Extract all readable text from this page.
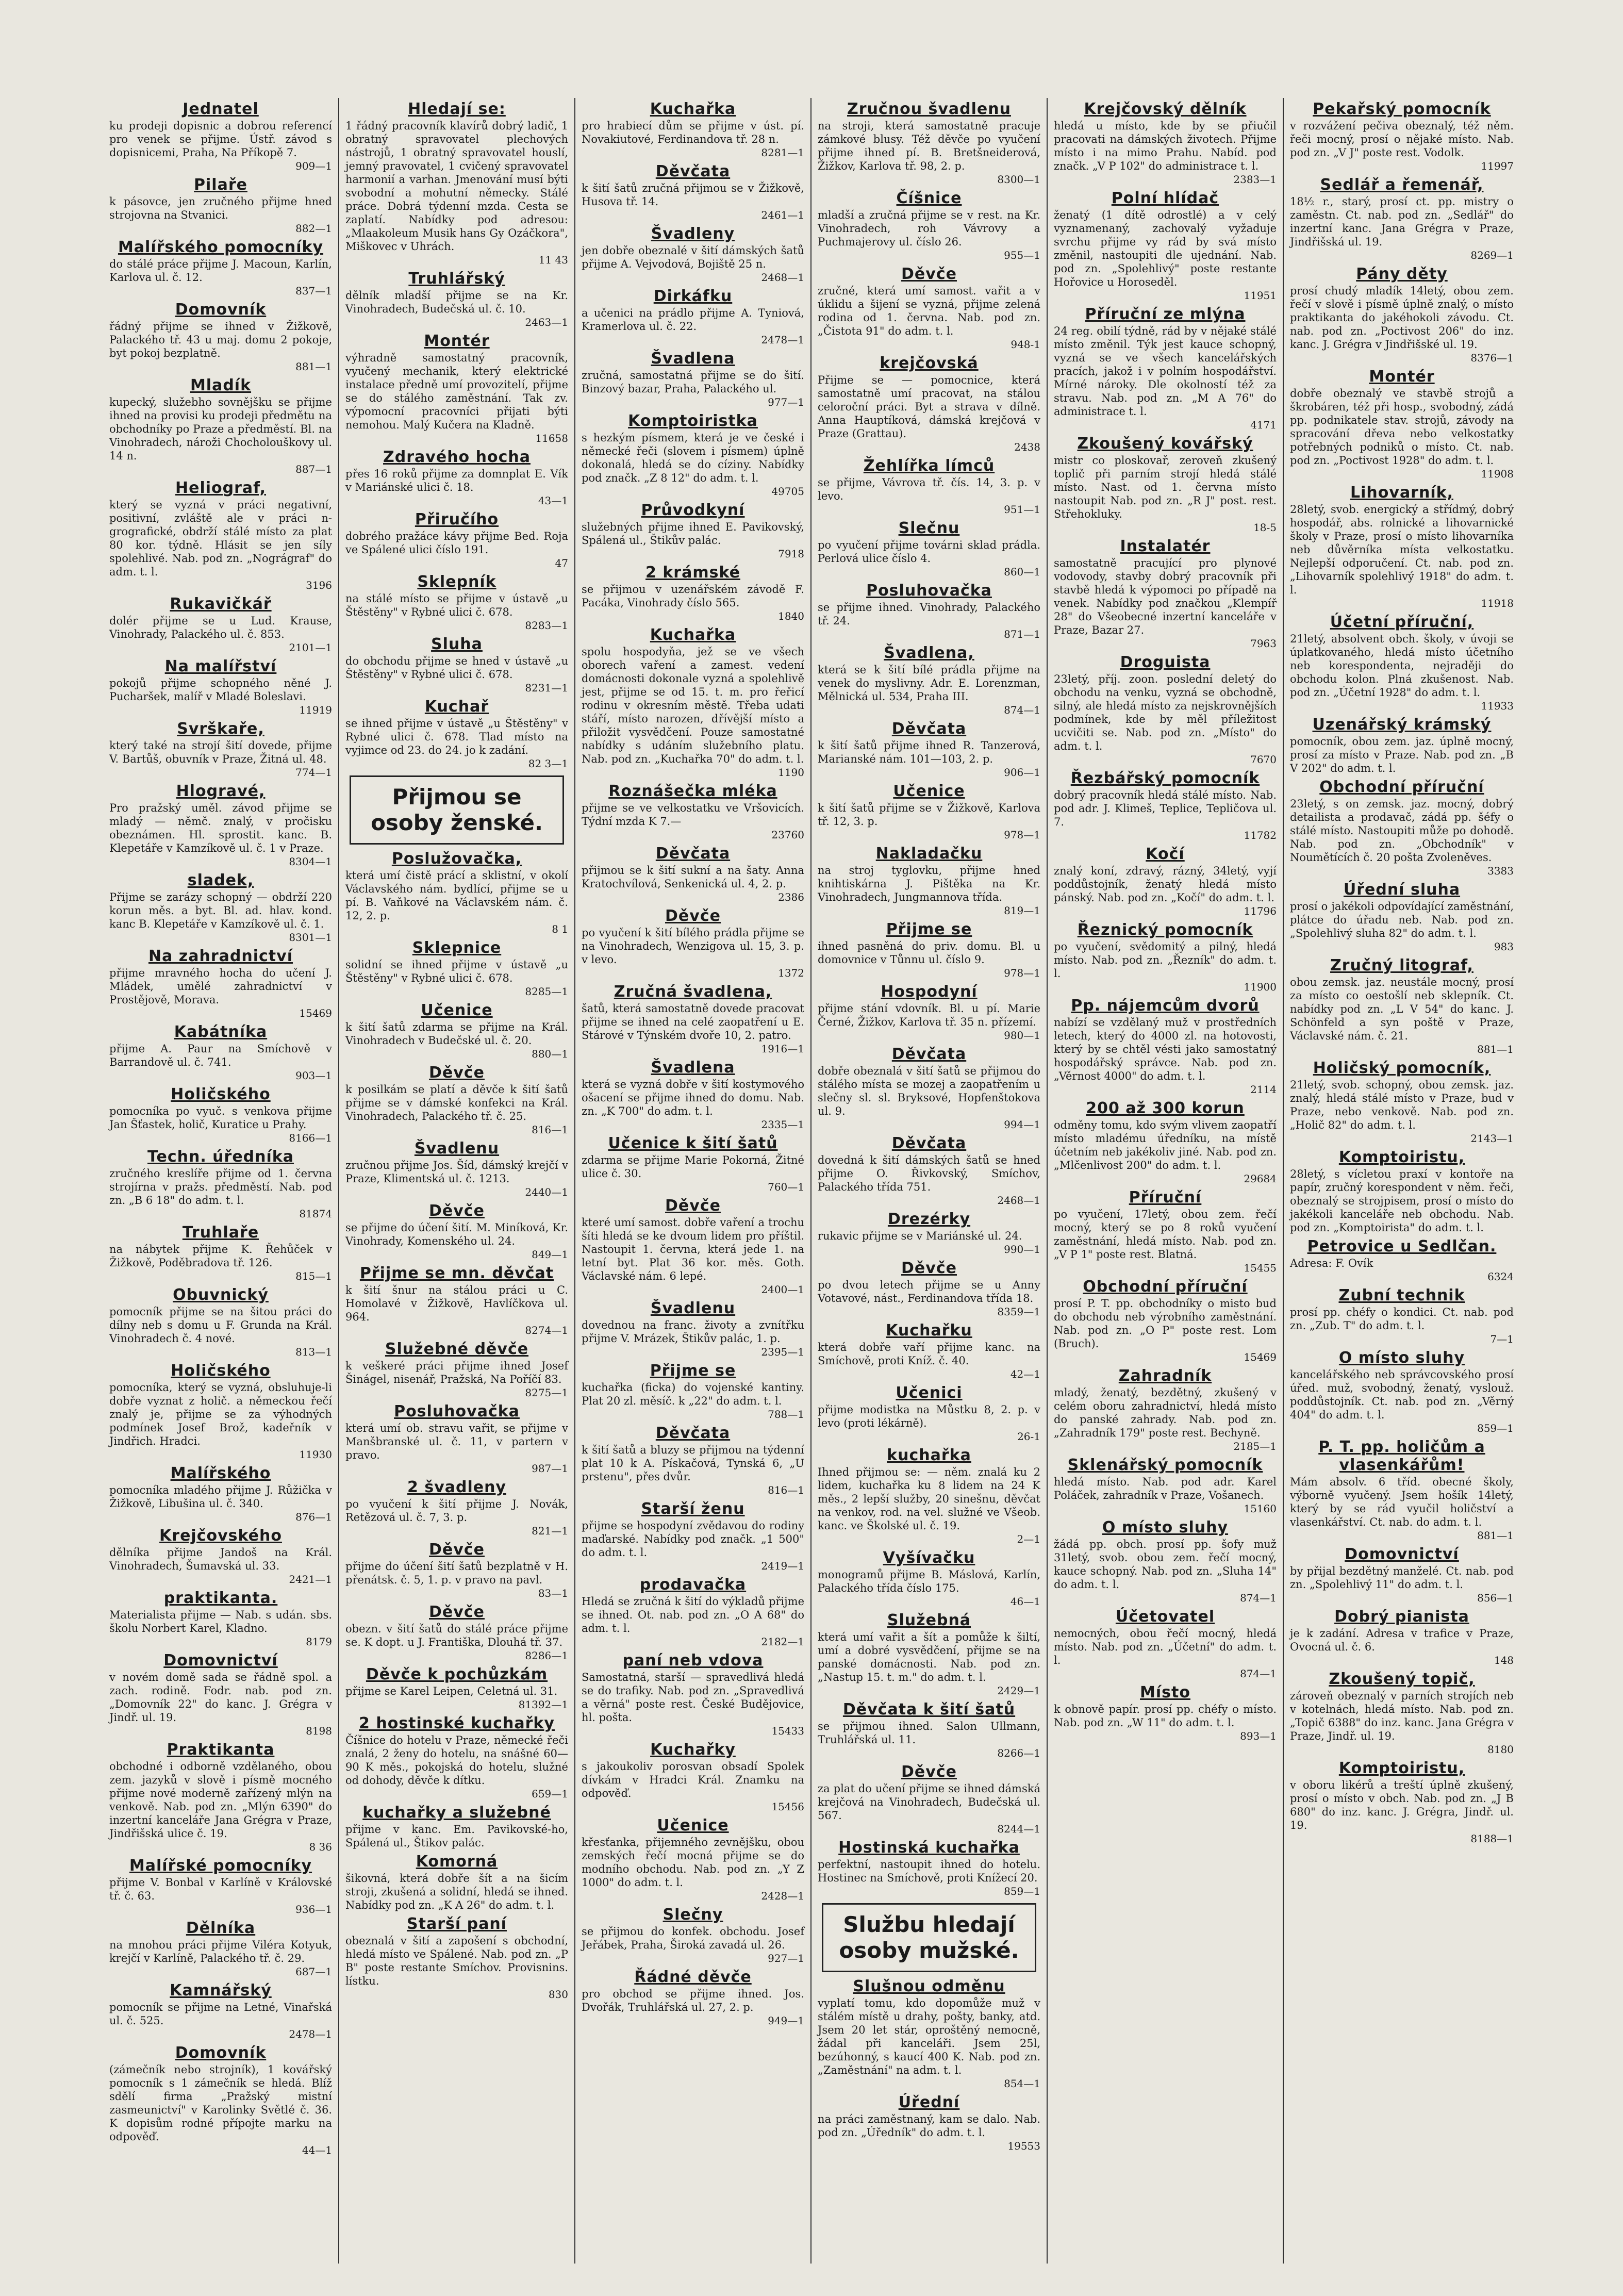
Jednatel

ku prodeji dopisnic a dobrou referencí pro venek se přijme. Ústř. závod s dopisnicemi, Praha, Na Příkopě 7.
909—1

Pilaře

k pásovce, jen zručného přijme hned strojovna na Stvanici.
882—1

Malířského pomocníky

do stálé práce přijme J. Macoun, Karlín, Karlova ul. č. 12.
837—1

Domovník

řádný přijme se ihned v Žižkově, Palackého tř. 43 u maj. domu 2 pokoje, byt pokoj bezplatně.
881—1

Mladík

kupecký, služebho sovnějšku se přijme ihned na provisi ku prodeji předmětu na obchodníky po Praze a předměstí. Bl. na Vinohradech, nároži Chocholouškovy ul. 14 n.
887—1

Heliograf,

který se vyzná v práci negativní, positivní, zvláště ale v práci n-grografické, obdrží stálé místo za plat 80 kor. týdně. Hlásit se jen síly spolehlivé. Nab. pod zn. „Nográgraf" do adm. t. l.
3196

Rukavičkář

dolér přijme se u Lud. Krause, Vinohrady, Palackého ul. č. 853.
2101—1

Na malířství

pokojů přijme schopného něné J. Pucharšek, malíř v Mladé Boleslavi.
11919

Svrškaře,

který také na strojí šití dovede, přijme V. Bartůš, obuvník v Praze, Žitná ul. 48.
774—1

Hlogravé,

Pro pražský uměl. závod přijme se mladý — němč. znalý, v pročisku obeznámen. Hl. sprostit. kanc. B. Klepetáře v Kamzíkově ul. č. 1 v Praze.
8304—1

sladek,

Přijme se zarázy schopný — obdrží 220 korun měs. a byt. Bl. ad. hlav. kond. kanc B. Klepetáře v Kamzíkově ul. č. 1.
8301—1

Na zahradnictví

přijme mravného hocha do učení J. Mládek, umělé zahradnictví v Prostějově, Morava.
15469

Kabátníka

přijme A. Paur na Smíchově v Barrandově ul. č. 741.
903—1

Holičského

pomocníka po vyuč. s venkova přijme Jan Šťastek, holič, Kuratice u Prahy.
8166—1

Techn. úředníka

zručného kreslíře přijme od 1. června strojírna v pražs. předměstí. Nab. pod zn. „B 6 18" do adm. t. l.
81874

Truhlaře

na nábytek přijme K. Řehůček v Žižkově, Poděbradova tř. 126.
815—1

Obuvnický

pomocník přijme se na šitou práci do dílny neb s domu u F. Grunda na Král. Vinohradech č. 4 nové.
813—1

Holičského

pomocníka, který se vyzná, obsluhuje-li dobře vyznat z holič. a německou řečí znalý je, přijme se za výhodných podmínek Josef Brož, kadeřník v Jindřich. Hradci.
11930

Malířského

pomocníka mladého přijme J. Růžička v Žižkově, Libušina ul. č. 340.
876—1

Krejčovského

dělníka přijme Jandoš na Král. Vinohradech, Šumavská ul. 33.
2421—1

praktikanta.

Materialista přijme — Nab. s udán. sbs. školu Norbert Karel, Kladno.
8179

Domovnictví

v novém domě sada se řádně spol. a zach. rodině. Fodr. nab. pod zn. „Domovník 22" do kanc. J. Grégra v Jindř. ul. 19.
8198

Praktikanta

obchodné i odborně vzdělaného, obou zem. jazyků v slově i písmě mocného přijme nové moderně zařízený mlýn na venkově. Nab. pod zn. „Mlýn 6390" do inzertní kanceláře Jana Grégra v Praze, Jindřišská ulice č. 19.
8 36

Malířské pomocníky

přijme V. Bonbal v Karlíně v Královské tř. č. 63.
936—1

Dělníka

na mnohou práci přijme Viléra Kotyuk, krejčí v Karlíně, Palackého tř. č. 29.
687—1

Kamnářský

pomocník se přijme na Letné, Vinařská ul. č. 525.
2478—1

Domovník

(zámečník nebo strojník), 1 kovářský pomocník s 1 zámečník se hledá. Blíž sdělí firma „Pražský mistní zasmeunictví" v Karolinky Světlé č. 36. K dopisům rodné přípojte marku na odpověď.
44—1

Hledají se:

1 řádný pracovník klavírů dobrý ladič, 1 obratný spravovatel plechových nástrojů, 1 obratný spravovatel houslí, jemný pravovatel, 1 cvičený spravovatel harmonií a varhan. Jmenování musí býti svobodní a mohutní německy. Stálé práce. Dobrá týdenní mzda. Cesta se zaplatí. Nabídky pod adresou: „Mlaakoleum Musik hans Gy Ozáčkora", Miškovec v Uhrách.
11 43

Truhlářský

dělník mladší přijme se na Kr. Vinohradech, Budečská ul. č. 10.
2463—1

Montér

výhradně samostatný pracovník, vyučený mechanik, který elektrické instalace předně umí provozitelí, přijme se do stálého zaměstnání. Tak zv. výpomocní pracovníci přijati býti nemohou. Malý Kučera na Kladně.
11658

Zdravého hocha

přes 16 roků přijme za domnplat E. Vík v Mariánské ulici č. 18.
43—1

Přiručího

dobrého pražáce kávy přijme Bed. Roja ve Spálené ulici číslo 191.
47

Sklepník

na stálé místo se přijme v ústavě „u Štěstěny" v Rybné ulici č. 678.
8283—1

Sluha

do obchodu přijme se hned v ústavě „u Štěstěny" v Rybné ulici č. 678.
8231—1

Kuchař

se ihned přijme v ústavě „u Štěstěny" v Rybné ulici č. 678. Tlad místo na vyjimce od 23. do 24. jo k zadání.
82 3—1

Přijmou se osoby ženské.
Poslužovačka,

která umí čistě prácí a sklistní, v okolí Václavského nám. bydlící, přijme se u pí. B. Vaňkové na Václavském nám. č. 12, 2. p.
8 1

Sklepnice

solidní se ihned přijme v ústavě „u Štěstěny" v Rybné ulici č. 678.
8285—1

Učenice

k šití šatů zdarma se přijme na Král. Vinohradech v Budečské ul. č. 20.
880—1

Děvče

k posilkám se platí a děvče k šití šatů přijme se v dámské konfekci na Král. Vinohradech, Palackého tř. č. 25.
816—1

Švadlenu

zručnou přijme Jos. Šíd, dámský krejčí v Praze, Klimentská ul. č. 1213.
2440—1

Děvče

se přijme do účení šití. M. Miníková, Kr. Vinohrady, Komenského ul. 24.
849—1

Přijme se mn. děvčat

k šití šnur na stálou práci u C. Homolavé v Žižkově, Havlíčkova ul. 964.
8274—1

Služebné děvče

k veškeré práci přijme ihned Josef Šinágel, nisenář, Pražská, Na Poříčí 83.
8275—1

Posluhovačka

která umí ob. stravu vařit, se přijme v Manšbranské ul. č. 11, v partern v pravo.
987—1

2 švadleny

po vyučení k šití přijme J. Novák, Retězová ul. č. 7, 3. p.
821—1

Děvče

přijme do účení šití šatů bezplatně v H. přenátsk. č. 5, 1. p. v pravo na pavl.
83—1

Děvče

obezn. v šití šatů do stálé práce přijme se. K dopt. u J. Františka, Dlouhá tř. 37.
8286—1

Děvče k pochůzkám

přijme se Karel Leipen, Celetná ul. 31.
81392—1

2 hostinské kuchařky

Číšnice do hotelu v Praze, německé řeči znalá, 2 ženy do hotelu, na snášné 60—90 K měs., pokojská do hotelu, služné od dohody, děvče k dítku.
659—1

kuchařky a služebné

přijme v kanc. Em. Pavikovské-ho, Spálená ul., Štikov palác.

Komorná

šikovná, která dobře šít a na šicím stroji, zkušená a solidní, hledá se ihned. Nabídky pod zn. „K A 26" do adm. t. l.

Starší paní

obeznalá v šití a zapošení s obchodní, hledá místo ve Spálené. Nab. pod zn. „P B" poste restante Smíchov. Provisnins. lístku.
830

Kuchařka

pro hrabiecí dům se přijme v úst. pí. Novakiutové, Ferdinandova tř. 28 n.
8281—1

Děvčata

k šití šatů zručná přijmou se v Žižkově, Husova tř. 14.
2461—1

Švadleny

jen dobře obeznalé v šití dámských šatů přijme A. Vejvodová, Bojiště 25 n.
2468—1

Dirkáfku

a učenici na prádlo přijme A. Tyniová, Kramerlova ul. č. 22.
2478—1

Švadlena

zručná, samostatná přijme se do šití. Binzový bazar, Praha, Palackého ul.
977—1

Komptoiristka

s hezkým písmem, která je ve české i německé řeči (slovem i písmem) úplně dokonalá, hledá se do cíziny. Nabídky pod značk. „Z 8 12" do adm. t. l.
49705

Průvodkyní

služebných přijme ihned E. Pavikovský, Spálená ul., Štikův palác.
7918

2 krámské

se přijmou v uzenářském závodě F. Pacáka, Vinohrady číslo 565.
1840

Kuchařka

spolu hospodyňa, jež se ve všech oborech vaření a zamest. vedení domácnosti dokonale vyzná a spolehlivě jest, přijme se od 15. t. m. pro řeřicí rodinu v okresním městě. Třeba udati stáří, místo narozen, dřívější místo a přiložit vysvědčení. Pouze samostatné nabídky s udáním služebního platu. Nab. pod zn. „Kuchařka 70" do adm. t. l.
1190

Roznášečka mléka

přijme se ve velkostatku ve Vršovicích. Týdní mzda K 7.—
23760

Děvčata

přijmou se k šití sukní a na šaty. Anna Kratochvílová, Senkenická ul. 4, 2. p.
2386

Děvče

po vyučení k šití bílého prádla přijme se na Vinohradech, Wenzigova ul. 15, 3. p. v levo.
1372

Zručná švadlena,

šatů, která samostatně dovede pracovat přijme se ihned na celé zaopatření u E. Stárové v Týnském dvoře 10, 2. patro.
1916—1

Švadlena

která se vyzná dobře v šití kostymového ošacení se přijme ihned do domu. Nab. zn. „K 700" do adm. t. l.
2335—1

Učenice k šití šatů

zdarma se přijme Marie Pokorná, Žitné ulice č. 30.
760—1

Děvče

které umí samost. dobře vaření a trochu šíti hledá se ke dvoum lidem pro příštil. Nastoupit 1. června, která jede 1. na letní byt. Plat 36 kor. měs. Goth. Václavské nám. 6 lepé.
2400—1

Švadlenu

dovednou na franc. životy a zvnítřku přijme V. Mrázek, Štikův palác, 1. p.
2395—1

Přijme se

kuchařka (ficka) do vojenské kantiny. Plat 20 zl. měsíč. k „22" do adm. t. l.
788—1

Děvčata

k šití šatů a bluzy se přijmou na týdenní plat 10 k A. Pískačová, Tynská 6, „U prstenu", přes dvůr.
816—1

Starší ženu

přijme se hospodyní zvědavou do rodiny maďarské. Nabídky pod značk. „1 500" do adm. t. l.
2419—1

prodavačka

Hledá se zručná k šití do výkladů přijme se ihned. Ot. nab. pod zn. „O A 68" do adm. t. l.
2182—1

paní neb vdova

Samostatná, starší — spravedlivá hledá se do trafiky. Nab. pod zn. „Spravedlivá a věrná" poste rest. České Budějovice, hl. pošta.
15433

Kuchařky

s jakoukoliv porosvan obsadí Spolek dívkám v Hradci Král. Znamku na odpověď.
15456

Učenice

křesťanka, přijemného zevnějšku, obou zemských řečí mocná přijme se do modního obchodu. Nab. pod zn. „Y Z 1000" do adm. t. l.
2428—1

Slečny

se přijmou do konfek. obchodu. Josef Jeřábek, Praha, Široká zavadá ul. 26.
927—1

Řádné děvče

pro obchod se přijme ihned. Jos. Dvořák, Truhlářská ul. 27, 2. p.
949—1

Zručnou švadlenu

na stroji, která samostatně pracuje zámkové blusy. Též děvče po vyučení přijme ihned pí. B. Bretšneiderová, Žižkov, Karlova tř. 98, 2. p.
8300—1

Číšnice

mladší a zručná přijme se v rest. na Kr. Vinohradech, roh Vávrovy a Puchmajerovy ul. číslo 26.
955—1

Děvče

zručné, která umí samost. vařit a v úklidu a šijení se vyzná, přijme zelená rodina od 1. června. Nab. pod zn. „Čistota 91" do adm. t. l.
948-1

krejčovská

Přijme se — pomocnice, která samostatně umí pracovat, na stálou celoroční práci. Byt a strava v dílně. Anna Hauptíková, dámská krejčová v Praze (Grattau).
2438

Žehlířka límců

se přijme, Vávrova tř. čís. 14, 3. p. v levo.
951—1

Slečnu

po vyučení přijme továrni sklad prádla. Perlová ulice číslo 4.
860—1

Posluhovačka

se přijme ihned. Vinohrady, Palackého tř. 24.
871—1

Švadlena,

která se k šití bílé prádla přijme na venek do myslivny. Adr. E. Lorenzman, Mělnická ul. 534, Praha III.
874—1

Děvčata

k šití šatů přijme ihned R. Tanzerová, Marianské nám. 101—103, 2. p.
906—1

Učenice

k šití šatů přijme se v Žižkově, Karlova tř. 12, 3. p.
978—1

Nakladačku

na stroj tyglovku, přijme hned knihtiskárna J. Pištěka na Kr. Vinohradech, Jungmannova třída.
819—1

Přijme se

ihned pasněná do priv. domu. Bl. u domovnice v Tůnnu ul. číslo 9.
978—1

Hospodyní

přijme stání vdovník. Bl. u pí. Marie Černé, Žižkov, Karlova tř. 35 n. přízemí.
980—1

Děvčata

dobře obeznalá v šití šatů se přijmou do stálého místa se mozej a zaopatřením u slečny sl. sl. Bryksové, Hopfenštokova ul. 9.
994—1

Děvčata

dovedná k šití dámských šatů se hned přijme O. Řivkovský, Smíchov, Palackého třída 751.
2468—1

Drezérky

rukavic přijme se v Mariánské ul. 24.
990—1

Děvče

po dvou letech přijme se u Anny Votavové, nást., Ferdinandova třída 18.
8359—1

Kuchařku

která dobře vaří přijme kanc. na Smíchově, proti Kníž. č. 40.
42—1

Učenici

přijme modistka na Můstku 8, 2. p. v levo (proti lékárně).
26-1

kuchařka

Ihned přijmou se: — něm. znalá ku 2 lidem, kuchařka ku 8 lidem na 24 K měs., 2 lepší služby, 20 sinešnu, děvčat na venkov, rod. na vel. služné ve Všeob. kanc. ve Školské ul. č. 19.
2—1

Vyšívačku

monogramů přijme B. Máslová, Karlín, Palackého třída číslo 175.
46—1

Služebná

která umí vařit a šít a pomůže k šiltí, umí a dobré vysvědčení, přijme se na panské domácnosti. Nab. pod zn. „Nastup 15. t. m." do adm. t. l.
2429—1

Děvčata k šití šatů

se přijmou ihned. Salon Ullmann, Truhlářská ul. 11.
8266—1

Děvče

za plat do učení přijme se ihned dámská krejčová na Vinohradech, Budečská ul. 567.
8244—1

Hostinská kuchařka

perfektní, nastoupit ihned do hotelu. Hostinec na Smíchově, proti Knížecí 20.
859—1

Službu hledají osoby mužské.
Slušnou odměnu

vyplatí tomu, kdo dopomůže muž v stálém místě u drahy, pošty, banky, atd. Jsem 20 let stár, oproštěný nemocně, žádal při kanceláři. Jsem 25l, bezúhonný, s kaucí 400 K. Nab. pod zn. „Zaměstnání" na adm. t. l.
854—1

Úřední

na práci zaměstnaný, kam se dalo. Nab. pod zn. „Úředník" do adm. t. l.
19553

Krejčovský dělník

hledá u místo, kde by se přiučil pracovati na dámských životech. Přijme místo i na mimo Prahu. Nabíd. pod značk. „V P 102" do administrace t. l.
2383—1

Polní hlídač

ženatý (1 dítě odrostlé) a v celý vyznamenaný, zachovalý vyžaduje svrchu přijme vy rád by svá místo změnil, nastoupiti dle ujednání. Nab. pod zn. „Spolehlivý" poste restante Hořovice u Horoseděl.
11951

Příruční ze mlýna

24 reg. obilí týdně, rád by v nějaké stálé místo změnil. Týk jest kauce schopný, vyzná se ve všech kancelářských pracích, jakož i v polním hospodářství. Mírné nároky. Dle okolností též za stravu. Nab. pod zn. „M A 76" do administrace t. l.
4171

Zkoušený kovářský

mistr co ploskovař, zeroveň zkušený toplič při parním strojí hledá stálé místo. Nast. od 1. června místo nastoupit Nab. pod zn. „R J" post. rest. Střehokluky.
18-5

Instalatér

samostatně pracující pro plynové vodovody, stavby dobrý pracovník při stavbě hledá k výpomoci po případě na venek. Nabídky pod značkou „Klempíř 28" do Všeobecné inzertní kanceláře v Praze, Bazar 27.
7963

Droguista

23letý, příj. zoon. poslední deletý do obchodu na venku, vyzná se obchodně, silný, ale hledá místo za nejskrovnějších podmínek, kde by měl příležitost ucvičiti se. Nab. pod zn. „Místo" do adm. t. l.
7670

Řezbářský pomocník

dobrý pracovník hledá stálé místo. Nab. pod adr. J. Klimeš, Teplice, Tepličova ul. 7.
11782

Kočí

znalý koní, zdravý, rázný, 34letý, vyjí poddůstojník, ženatý hledá místo pánský. Nab. pod zn. „Kočí" do adm. t. l.
11796

Řeznický pomocník

po vyučení, svědomitý a pilný, hledá místo. Nab. pod zn. „Řezník" do adm. t. l.
11900

Pp. nájemcům dvorů

nabízí se vzdělaný muž v prostředních letech, který do 4000 zl. na hotovosti, který by se chtěl vésti jako samostatný hospodářský správce. Nab. pod zn. „Věrnost 4000" do adm. t. l.
2114

200 až 300 korun

odměny tomu, kdo svým vlivem zaopatří místo mladému úředníku, na místě účetním neb jakékoliv jiné. Nab. pod zn. „Mlčenlivost 200" do adm. t. l.
29684

Příruční

po vyučení, 17letý, obou zem. řečí mocný, který se po 8 roků vyučení zaměstnání, hledá místo. Nab. pod zn. „V P 1" poste rest. Blatná.
15455

Obchodní příruční

prosí P. T. pp. obchodníky o misto bud do obchodu neb výrobního zaměstnání. Nab. pod zn. „O P" poste rest. Lom (Bruch).
15469

Zahradník

mladý, ženatý, bezdětný, zkušený v celém oboru zahradnictví, hledá místo do panské zahrady. Nab. pod zn. „Zahradník 179" poste rest. Bechyně.
2185—1

Sklenářský pomocník

hledá místo. Nab. pod adr. Karel Poláček, zahradník v Praze, Vošanech.
15160

O místo sluhy

žádá pp. obch. prosí pp. šofy muž 31letý, svob. obou zem. řečí mocný, kauce schopný. Nab. pod zn. „Sluha 14" do adm. t. l.
874—1

Účetovatel

nemocných, obou řečí mocný, hledá místo. Nab. pod zn. „Účetní" do adm. t. l.
874—1

Místo

k obnově papír. prosí pp. chéfy o místo. Nab. pod zn. „W 11" do adm. t. l.
893—1

Pekařský pomocník

v rozvážení pečiva obeznalý, též něm. řeči mocný, prosí o nějaké místo. Nab. pod zn. „V J" poste rest. Vodolk.
11997

Sedlář a řemenář,

18½ r., starý, prosí ct. pp. mistry o zaměstn. Ct. nab. pod zn. „Sedlář" do inzertní kanc. Jana Grégra v Praze, Jindřišská ul. 19.
8269—1

Pány děty

prosí chudý mladík 14letý, obou zem. řečí v slově i písmě úplně znalý, o místo praktikanta do jakéhokoli závodu. Ct. nab. pod zn. „Poctivost 206" do inz. kanc. J. Grégra v Jindřišské ul. 19.
8376—1

Montér

dobře obeznalý ve stavbě strojů a škrobáren, též při hosp., svobodný, zádá pp. podnikatele stav. strojů, závody na spracování dřeva nebo velkostatky potřebných podniků o místo. Ct. nab. pod zn. „Poctivost 1928" do adm. t. l.
11908

Lihovarník,

28letý, svob. energický a střídmý, dobrý hospodář, abs. rolnické a lihovarnické školy v Praze, prosí o místo lihovarníka neb důvěrníka místa velkostatku. Nejlepší odporučení. Ct. nab. pod zn. „Lihovarník spolehlivý 1918" do adm. t. l.
11918

Účetní příruční,

21letý, absolvent obch. školy, v úvoji se úplatkovaného, hledá místo účetního neb korespondenta, nejraději do obchodu kolon. Plná zkušenost. Nab. pod zn. „Účetní 1928" do adm. t. l.
11933

Uzenářský krámský

pomocník, obou zem. jaz. úplně mocný, prosí za místo v Praze. Nab. pod zn. „B V 202" do adm. t. l.

Obchodní příruční

23letý, s on zemsk. jaz. mocný, dobrý detailista a prodavač, zádá pp. šéfy o stálé místo. Nastoupiti může po dohodě. Nab. pod zn. „Obchodník" v Noumětících č. 20 pošta Zvoleněves.
3383

Úřední sluha

prosí o jakékoli odpovídající zaměstnání, plátce do úřadu neb. Nab. pod zn. „Spolehlivý sluha 82" do adm. t. l.
983

Zručný litograf,

obou zemsk. jaz. neustále mocný, prosí za místo co oestošlí neb sklepník. Ct. nabídky pod zn. „L V 54" do kanc. J. Schönfeld a syn poště v Praze, Václavské nám. č. 21.
881—1

Holičský pomocník,

21letý, svob. schopný, obou zemsk. jaz. znalý, hledá stálé místo v Praze, bud v Praze, nebo venkově. Nab. pod zn. „Holič 82" do adm. t. l.
2143—1

Komptoiristu,

28letý, s vícletou praxí v kontoře na papír, zručný korespondent v něm. řeči, obeznalý se strojpisem, prosí o místo do jakékoli kanceláře neb obchodu. Nab. pod zn. „Komptoirista" do adm. t. l.

Petrovice u Sedlčan.

Adresa: F. Ovík
6324

Zubní technik

prosí pp. chéfy o kondici. Ct. nab. pod zn. „Zub. T" do adm. t. l.
7—1

O místo sluhy

kancelářského neb správcovského prosí úřed. muž, svobodný, ženatý, vyslouž. poddůstojník. Ct. nab. pod zn. „Věrný 404" do adm. t. l.
859—1

P. T. pp. holičům a vlasenkářům!

Mám absolv. 6 tříd. obecné školy, výborně vyučený. Jsem hošík 14letý, který by se rád vyučil holičství a vlasenkářství. Ct. nab. do adm. t. l.
881—1

Domovnictví

by přijal bezdětný manželé. Ct. nab. pod zn. „Spolehlivý 11" do adm. t. l.
856—1

Dobrý pianista

je k zadání. Adresa v trafice v Praze, Ovocná ul. č. 6.
148

Zkoušený topič,

zároveň obeznalý v parních strojích neb v kotelnách, hledá místo. Nab. pod zn. „Topič 6388" do inz. kanc. Jana Grégra v Praze, Jindř. ul. 19.
8180

Komptoiristu,

v oboru likérů a treští úplně zkušený, prosí o místo v obch. Nab. pod zn. „J B 680" do inz. kanc. J. Grégra, Jindř. ul. 19.
8188—1
